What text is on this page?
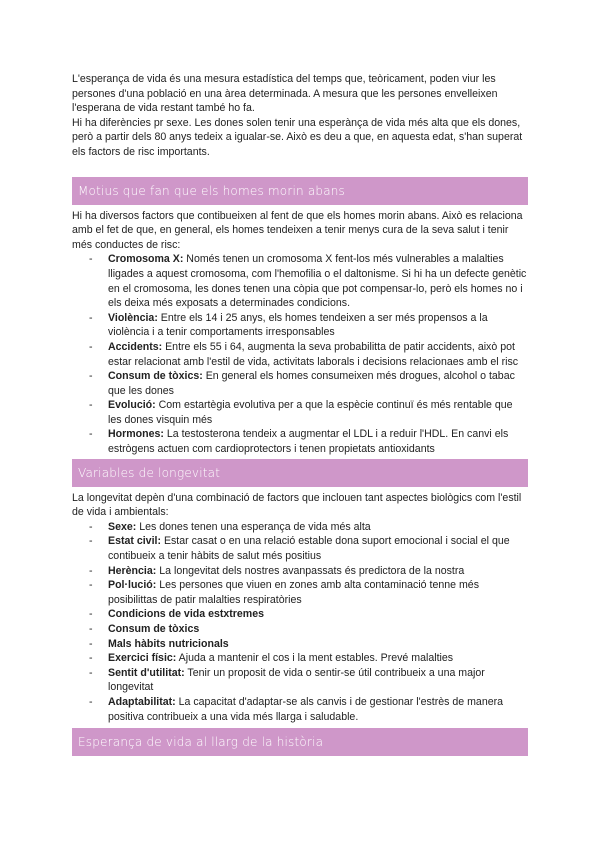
L'esperança de vida és una mesura estadística del temps que, teòricament, poden viur les persones d'una població en una àrea determinada. A mesura que les persones envelleixen l'esperana de vida restant també ho fa.
Hi ha diferències pr sexe. Les dones solen tenir una esperànça de vida més alta que els dones, però a partir dels 80 anys tedeix a igualar-se. Això es deu a que, en aquesta edat, s'han superat els factors de risc importants.

Motius que fan que els homes morin abans

Hi ha diversos factors que contibueixen al fent de que els homes morin abans. Això es relaciona amb el fet de que, en general, els homes tendeixen a tenir menys cura de la seva salut i tenir més conductes de risc:

- Cromosoma X: Només tenen un cromosoma X fent-los més vulnerables a malalties lligades a aquest cromosoma, com l'hemofilia o el daltonisme. Si hi ha un defecte genètic en el cromosoma, les dones tenen una còpia que pot compensar-lo, però els homes no i els deixa més exposats a determinades condicions.
- Violència: Entre els 14 i 25 anys, els homes tendeixen a ser més propensos a la violència i a tenir comportaments irresponsables
- Accidents: Entre els 55 i 64, augmenta la seva probabilitta de patir accidents, això pot estar relacionat amb l'estil de vida, activitats laborals i decisions relacionaes amb el risc
- Consum de tòxics: En general els homes consumeixen més drogues, alcohol o tabac que les dones
- Evolució: Com estartègia evolutiva per a que la espècie continuï és més rentable que les dones visquin més
- Hormones: La testosterona tendeix a augmentar el LDL i a reduir l'HDL. En canvi els estrògens actuen com cardioprotectors i tenen propietats antioxidants
Variables de longevitat

La longevitat depèn d'una combinació de factors que inclouen tant aspectes biològics com l'estil de vida i ambientals:

- Sexe: Les dones tenen una esperança de vida més alta
- Estat civil: Estar casat o en una relació estable dona suport emocional i social el que contibueix a tenir hàbits de salut més positius
- Herència: La longevitat dels nostres avanpassats és predictora de la nostra
- Pol·lució: Les persones que viuen en zones amb alta contaminació tenne més posibilittas de patir malalties respiratòries
- Condicions de vida estxtremes
- Consum de tòxics
- Mals hàbits nutricionals
- Exercici físic: Ajuda a mantenir el cos i la ment estables. Prevé malalties
- Sentit d'utilitat: Tenir un proposit de vida o sentir-se útil contribueix a una major longevitat
- Adaptabilitat: La capacitat d'adaptar-se als canvis i de gestionar l'estrès de manera positiva contribueix a una vida més llarga i saludable.
Esperança de vida al llarg de la història
